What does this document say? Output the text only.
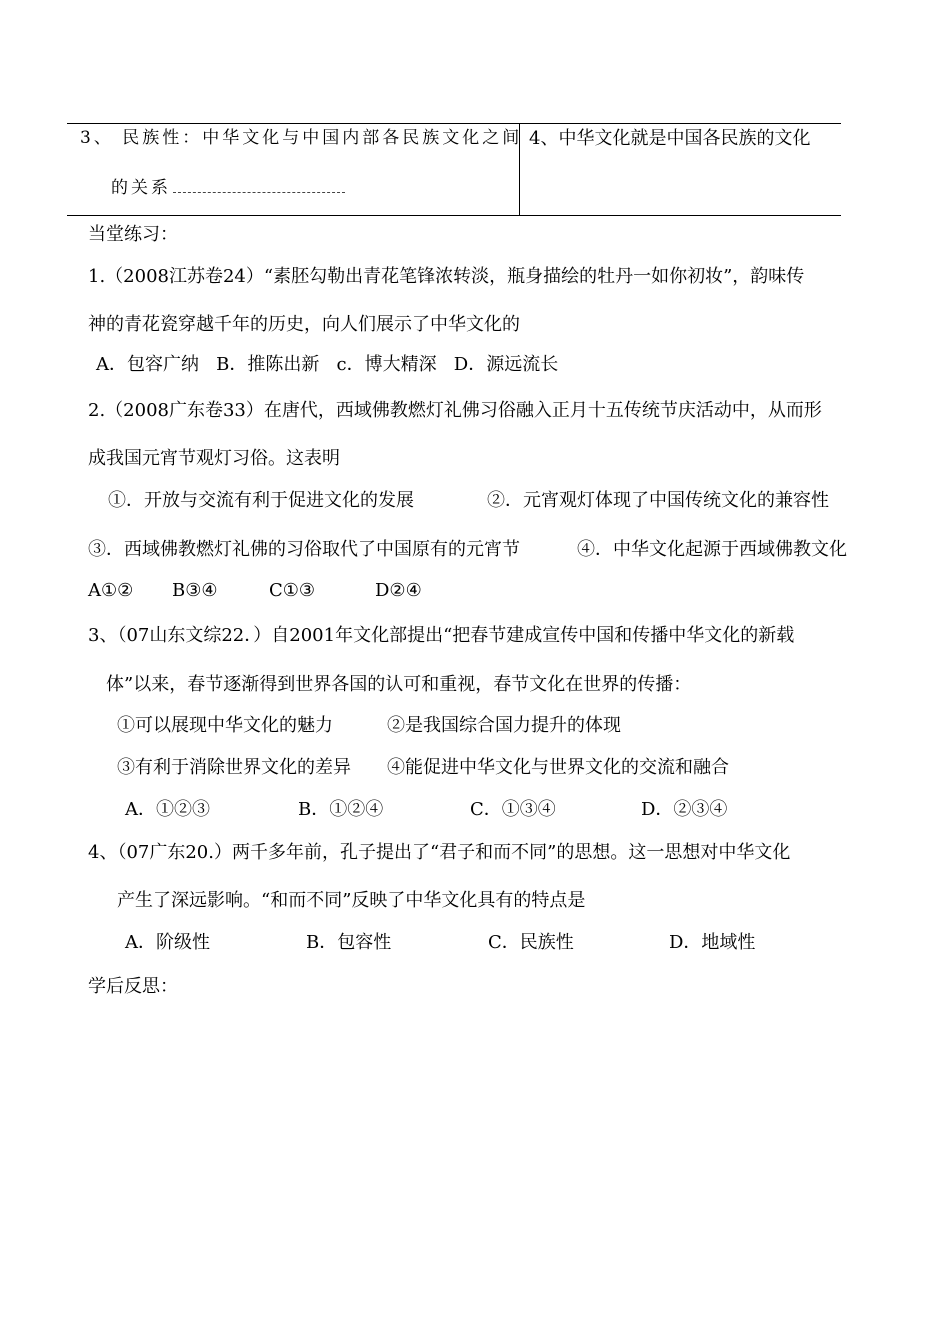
3、 民族性：中华文化与中国内部各民族文化之间
的关系
4、中华文化就是中国各民族的文化
当堂练习：
1.（2008江苏卷24）“素胚勾勒出青花笔锋浓转淡，瓶身描绘的牡丹一如你初妆”，韵味传
神的青花瓷穿越千年的历史，向人们展示了中华文化的
A．包容广纳   B．推陈出新   c．博大精深   D．源远流长
2.（2008广东卷33）在唐代，西域佛教燃灯礼佛习俗融入正月十五传统节庆活动中，从而形
成我国元宵节观灯习俗。这表明
①．开放与交流有利于促进文化的发展	②．元宵观灯体现了中国传统文化的兼容性
③．西域佛教燃灯礼佛的习俗取代了中国原有的元宵节	④．中华文化起源于西域佛教文化
A①② B③④	C①③	D②④
3、（07山东文综22．）自2001年文化部提出“把春节建成宣传中国和传播中华文化的新载
体”以来，春节逐渐得到世界各国的认可和重视，春节文化在世界的传播：
①可以展现中华文化的魅力	②是我国综合国力提升的体现
③有利于消除世界文化的差异 ④能促进中华文化与世界文化的交流和融合
A．①②③	B．①②④	C．①③④	D．②③④
4、（07广东20.）两千多年前，孔子提出了“君子和而不同”的思想。这一思想对中华文化
产生了深远影响。“和而不同”反映了中华文化具有的特点是
A．阶级性	B．包容性	C．民族性	D．地域性
学后反思：
